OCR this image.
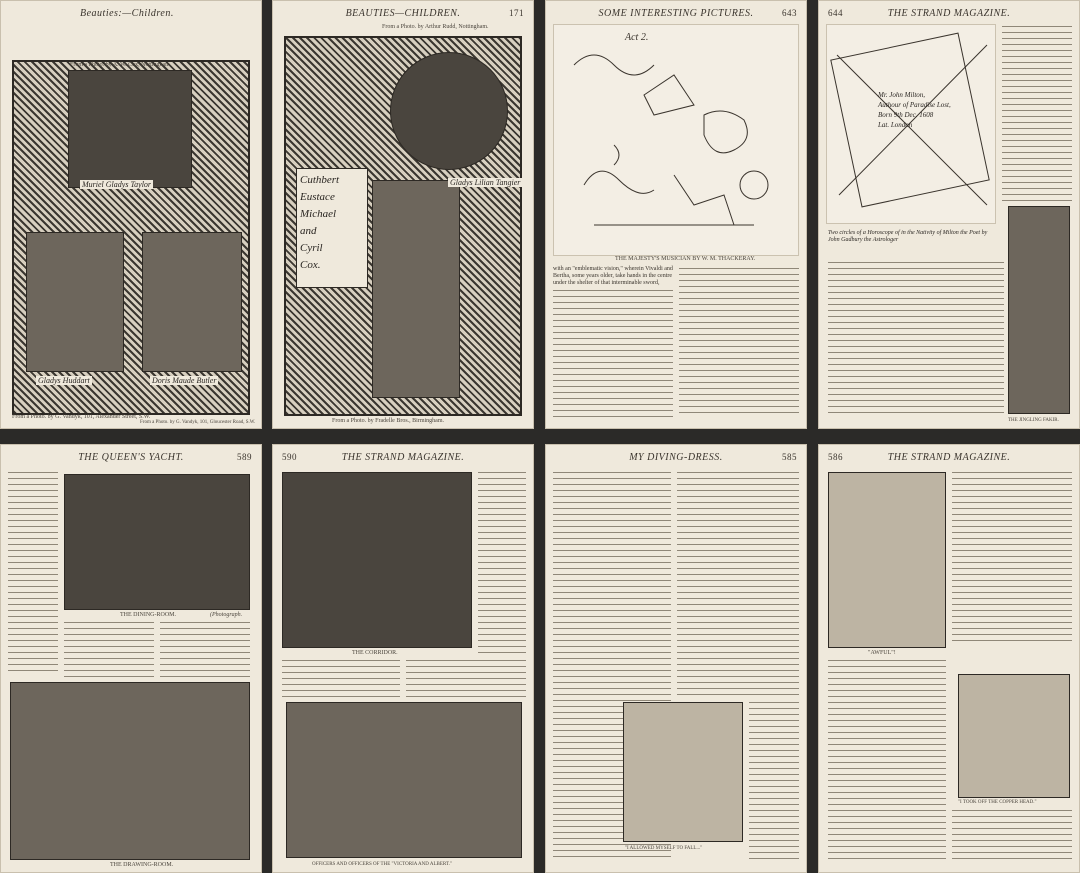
Beauties:—Children.
Muriel Gladys Taylor
Gladys Huddart	Doris Maude Butler
From a Photo. by A. W. Cox, Nottingham.
From a Photo. by G. Vandyk, 101, Alexander Street, S.W.
From a Photo. by G. Vandyk, 101, Gloucester Road, S.W.
BEAUTIES—CHILDREN.	171
From a Photo. by Arthur Rudd, Nottingham.
Cuthbert
Eustace
Michael
and
Cyril
Cox.
Gladys Lilian Tangier
From a Photo. by Fradelle Bros., Birmingham.
SOME INTERESTING PICTURES.	643
Act 2.
THE MAJESTY'S MUSICIAN BY W. M. THACKERAY.
with an "emblematic vision," wherein Vivaldi and Bertha, some years older, take hands in the centre under the shelter of that interminable sword,
644	THE STRAND MAGAZINE.
Mr. John Milton,
Authour of Paradise Lost,
Born 9th Dec. 1608
Lat. London
Two circles of a Horoscope of in the Nativity of Milton the Poet by John Gadbury the Astrologer
THE JINGLING FAKIR.
THE QUEEN'S YACHT.	589
THE DINING-ROOM.	(Photograph.
THE DRAWING-ROOM.
590	THE STRAND MAGAZINE.
THE CORRIDOR.
OFFICERS AND OFFICERS OF THE "VICTORIA AND ALBERT."
MY DIVING-DRESS.	585
"I ALLOWED MYSELF TO FALL..."
586	THE STRAND MAGAZINE.
"AWFUL"!
"I TOOK OFF THE COPPER HEAD."
